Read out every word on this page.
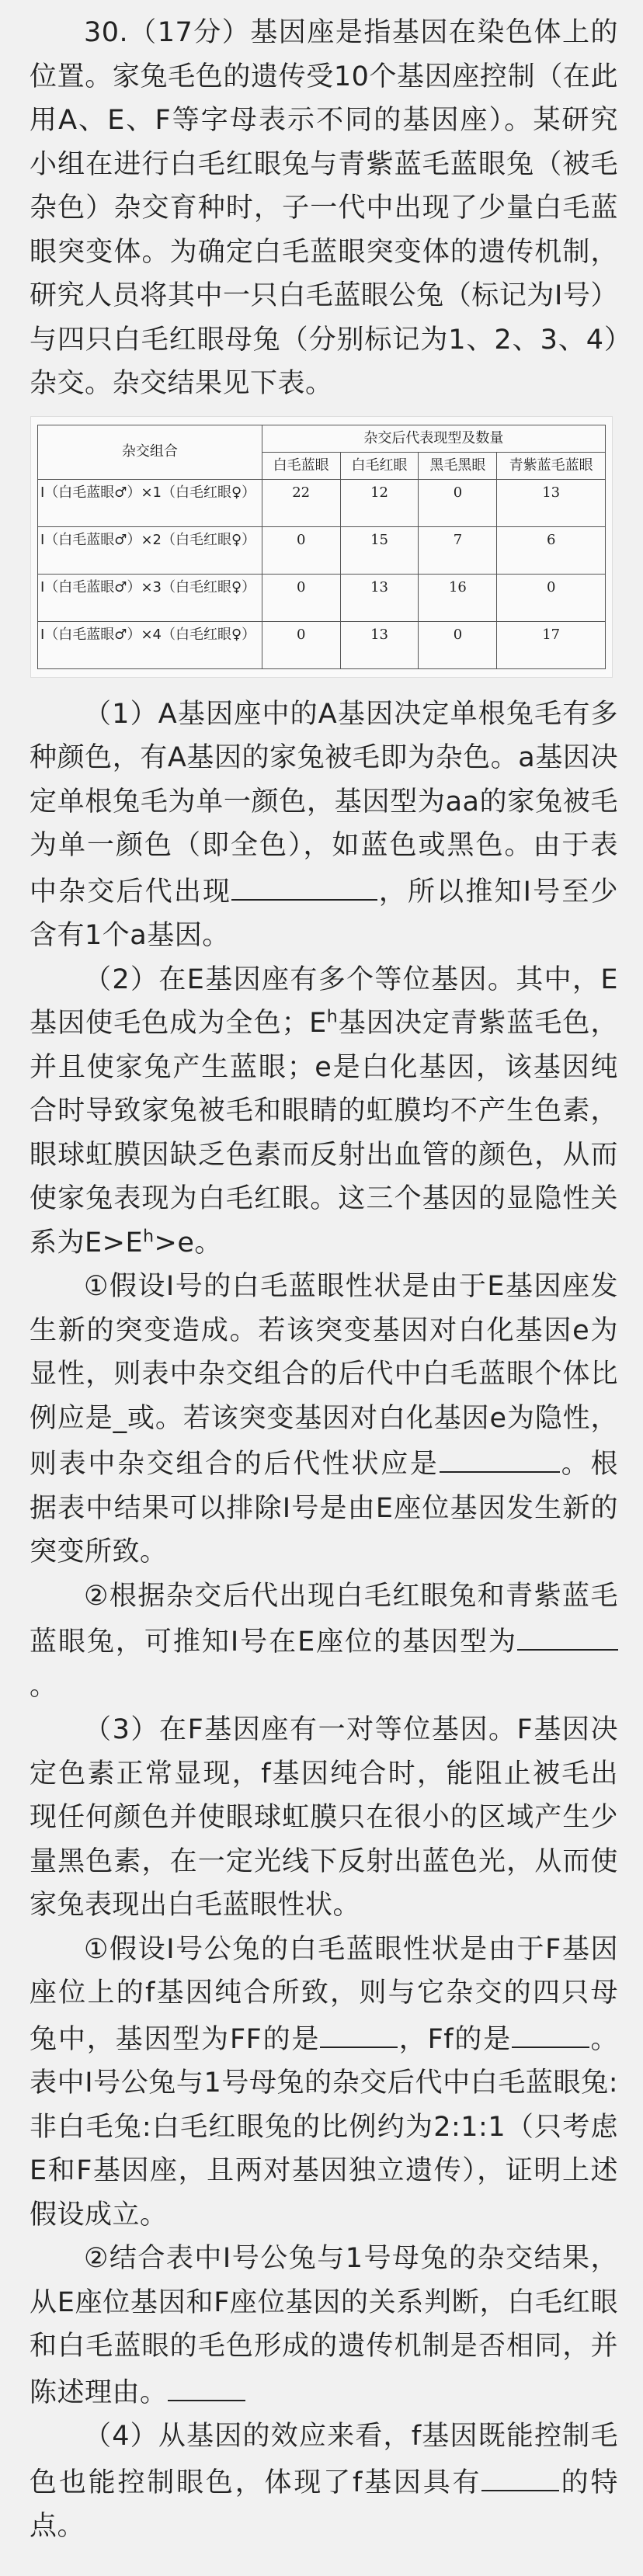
30.（17分）基因座是指基因在染色体上的位置。家兔毛色的遗传受10个基因座控制（在此用A、E、F等字母表示不同的基因座）。某研究小组在进行白毛红眼兔与青紫蓝毛蓝眼兔（被毛杂色）杂交育种时，子一代中出现了少量白毛蓝眼突变体。为确定白毛蓝眼突变体的遗传机制，研究人员将其中一只白毛蓝眼公兔（标记为Ⅰ号）与四只白毛红眼母兔（分别标记为1、2、3、4）杂交。杂交结果见下表。

杂交组合	杂交后代表现型及数量			
	白毛蓝眼	白毛红眼	黑毛黑眼	青紫蓝毛蓝眼
Ⅰ（白毛蓝眼♂）×1（白毛红眼♀）	22	12	0	13
Ⅰ（白毛蓝眼♂）×2（白毛红眼♀）	0	15	7	6
Ⅰ（白毛蓝眼♂）×3（白毛红眼♀）	0	13	16	0
Ⅰ（白毛蓝眼♂）×4（白毛红眼♀）	0	13	0	17

（1）A基因座中的A基因决定单根兔毛有多种颜色，有A基因的家兔被毛即为杂色。a基因决定单根兔毛为单一颜色，基因型为aa的家兔被毛为单一颜色（即全色），如蓝色或黑色。由于表中杂交后代出现	，所以推知Ⅰ号至少含有1个a基因。

（2）在E基因座有多个等位基因。其中，E基因使毛色成为全色；$E^h$基因决定青紫蓝毛色，并且使家兔产生蓝眼；e是白化基因，该基因纯合时导致家兔被毛和眼睛的虹膜均不产生色素，眼球虹膜因缺乏色素而反射出血管的颜色，从而使家兔表现为白毛红眼。这三个基因的显隐性关系为$E>E^h>e$。

①假设Ⅰ号的白毛蓝眼性状是由于E基因座发生新的突变造成。若该突变基因对白化基因e为显性，则表中杂交组合的后代中白毛蓝眼个体比例应是_或。若该突变基因对白化基因e为隐性，则表中杂交组合的后代性状应是	。根据表中结果可以排除Ⅰ号是由E座位基因发生新的突变所致。

②根据杂交后代出现白毛红眼兔和青紫蓝毛蓝眼兔，可推知Ⅰ号在E座位的基因型为。

（3）在F基因座有一对等位基因。F基因决定色素正常显现，f基因纯合时，能阻止被毛出现任何颜色并使眼球虹膜只在很小的区域产生少量黑色素，在一定光线下反射出蓝色光，从而使家兔表现出白毛蓝眼性状。

①假设Ⅰ号公兔的白毛蓝眼性状是由于F基因座位上的f基因纯合所致，则与它杂交的四只母兔中，基因型为FF的是	，Ff的是	。表中Ⅰ号公兔与1号母兔的杂交后代中白毛蓝眼兔:非白毛兔:白毛红眼兔的比例约为2:1:1（只考虑E和F基因座，且两对基因独立遗传），证明上述假设成立。

②结合表中Ⅰ号公兔与1号母兔的杂交结果，从E座位基因和F座位基因的关系判断，白毛红眼和白毛蓝眼的毛色形成的遗传机制是否相同，并陈述理由。

（4）从基因的效应来看，f基因既能控制毛色也能控制眼色，体现了f基因具有	的特点。
